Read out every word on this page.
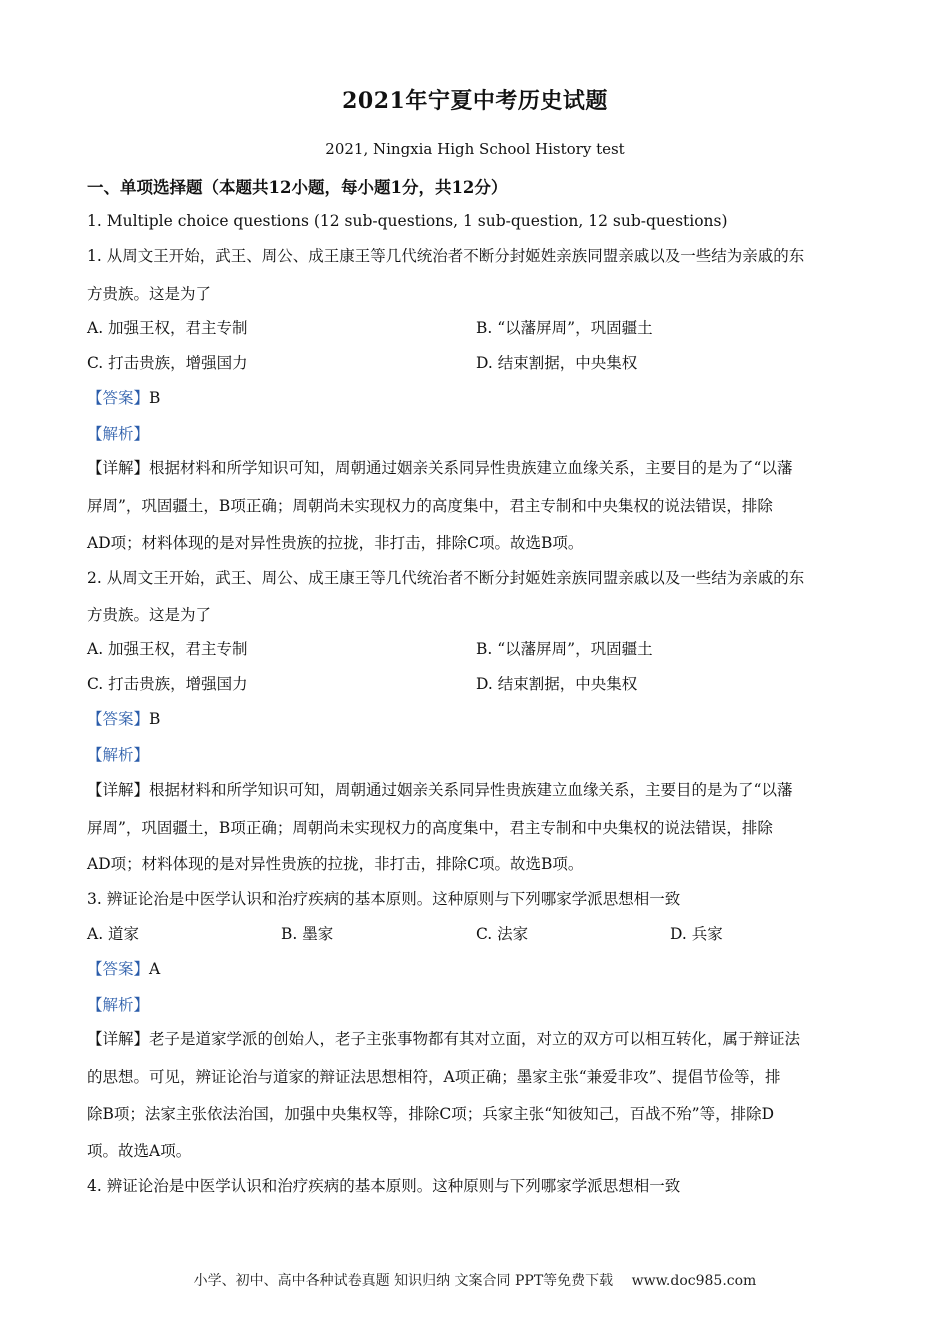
2021年宁夏中考历史试题
2021, Ningxia High School History test
一、单项选择题（本题共12小题，每小题1分，共12分）
1. Multiple choice questions (12 sub-questions, 1 sub-question, 12 sub-questions)
1. 从周文王开始，武王、周公、成王康王等几代统治者不断分封姬姓亲族同盟亲戚以及一些结为亲戚的东
方贵族。这是为了
A. 加强王权，君主专制	B. “以藩屏周”，巩固疆土
C. 打击贵族，增强国力	D. 结束割据，中央集权
【答案】B
【解析】
【详解】根据材料和所学知识可知，周朝通过姻亲关系同异性贵族建立血缘关系，主要目的是为了“以藩
屏周”，巩固疆土，B项正确；周朝尚未实现权力的高度集中，君主专制和中央集权的说法错误，排除
AD项；材料体现的是对异性贵族的拉拢，非打击，排除C项。故选B项。
2. 从周文王开始，武王、周公、成王康王等几代统治者不断分封姬姓亲族同盟亲戚以及一些结为亲戚的东
方贵族。这是为了
A. 加强王权，君主专制	B. “以藩屏周”，巩固疆土
C. 打击贵族，增强国力	D. 结束割据，中央集权
【答案】B
【解析】
【详解】根据材料和所学知识可知，周朝通过姻亲关系同异性贵族建立血缘关系，主要目的是为了“以藩
屏周”，巩固疆土，B项正确；周朝尚未实现权力的高度集中，君主专制和中央集权的说法错误，排除
AD项；材料体现的是对异性贵族的拉拢，非打击，排除C项。故选B项。
3. 辨证论治是中医学认识和治疗疾病的基本原则。这种原则与下列哪家学派思想相一致
A. 道家	B. 墨家	C. 法家	D. 兵家
【答案】A
【解析】
【详解】老子是道家学派的创始人，老子主张事物都有其对立面，对立的双方可以相互转化，属于辩证法
的思想。可见，辨证论治与道家的辩证法思想相符，A项正确；墨家主张“兼爱非攻”、提倡节俭等，排
除B项；法家主张依法治国，加强中央集权等，排除C项；兵家主张“知彼知己，百战不殆”等，排除D
项。故选A项。
4. 辨证论治是中医学认识和治疗疾病的基本原则。这种原则与下列哪家学派思想相一致
小学、初中、高中各种试卷真题 知识归纳 文案合同 PPT等免费下载　 www.doc985.com
